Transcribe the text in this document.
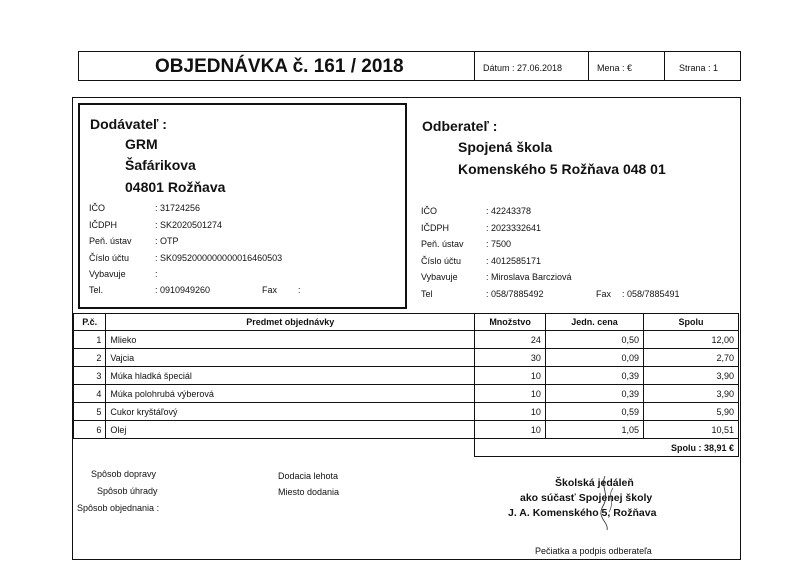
OBJEDNÁVKA č. 161 / 2018	Dátum : 27.06.2018	Mena : €	Strana : 1
Dodávateľ :
GRM
Šafárikova
04801 Rožňava
IČO	: 31724256
IČDPH	: SK2020501274
Peň. ústav	: OTP
Číslo účtu	: SK0952000000000016460503
Vybavuje	:
Tel.	: 0910949260	Fax :
Odberateľ :
Spojená škola
Komenského 5 Rožňava 048 01
IČO	: 42243378
IČDPH	: 2023332641
Peň. ústav : 7500
Číslo účtu	: 4012585171
Vybavuje	: Miroslava Barcziová
Tel	: 058/7885492	Fax : 058/7885491
P.č.	Predmet objednávky	Množstvo	Jedn. cena	Spolu
1	Mlieko	24	0,50	12,00
2	Vajcia	30	0,09	2,70
3	Múka hladká špeciál	10	0,39	3,90
4	Múka polohrubá výberová	10	0,39	3,90
5	Cukor kryštáľový	10	0,59	5,90
6	Olej	10	1,05	10,51
		Spolu : 38,91 €		
Spôsob dopravy
Spôsob úhrady
Spôsob objednania :
Dodacia lehota
Miesto dodania
Školská jedáleň
ako súčasť Spojenej školy
J. A. Komenského 5, Rožňava
Pečiatka a podpis odberateľa
